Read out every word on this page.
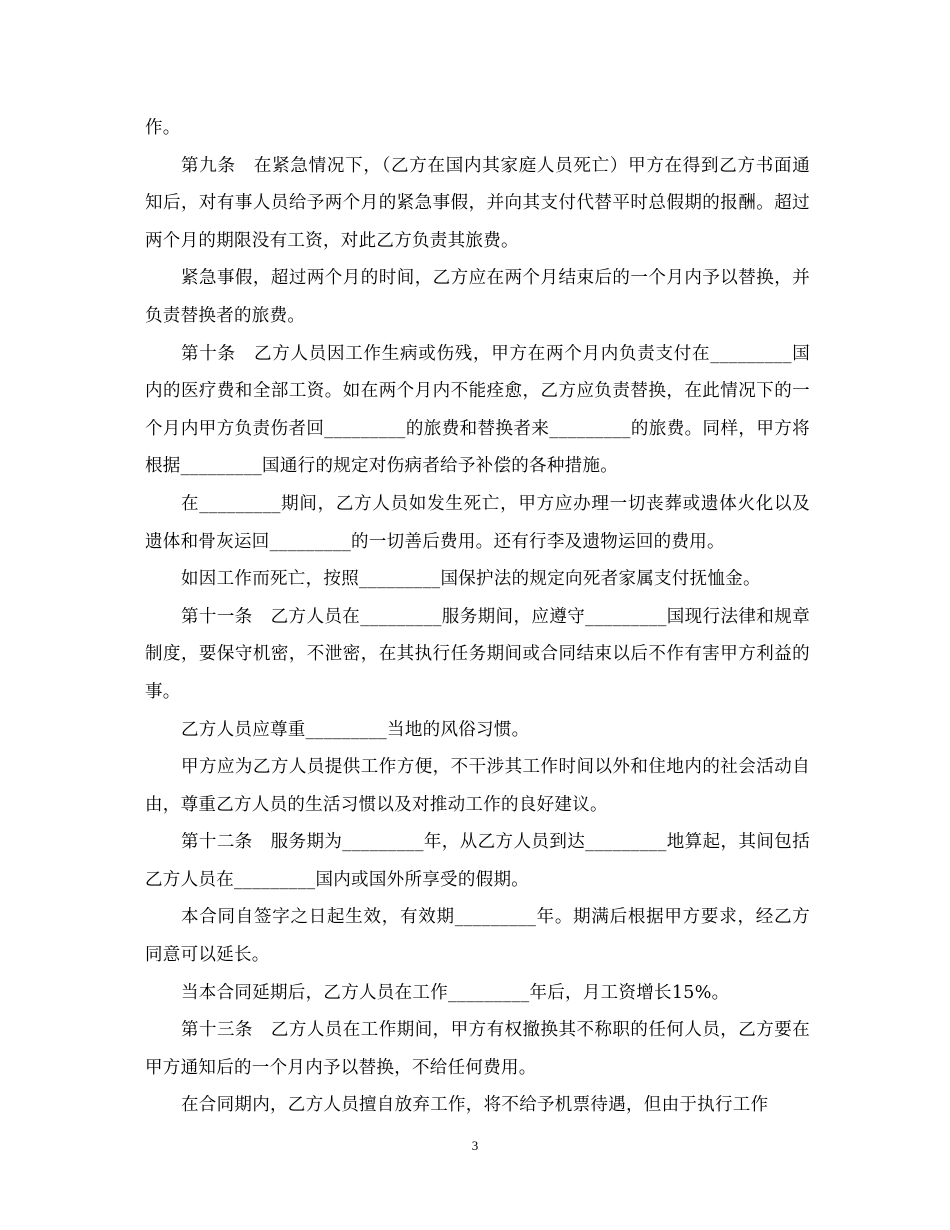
作。

第九条　在紧急情况下，（乙方在国内其家庭人员死亡）甲方在得到乙方书面通知后，对有事人员给予两个月的紧急事假，并向其支付代替平时总假期的报酬。超过两个月的期限没有工资，对此乙方负责其旅费。

紧急事假，超过两个月的时间，乙方应在两个月结束后的一个月内予以替换，并负责替换者的旅费。

第十条　乙方人员因工作生病或伤残，甲方在两个月内负责支付在_________国内的医疗费和全部工资。如在两个月内不能痊愈，乙方应负责替换，在此情况下的一个月内甲方负责伤者回_________的旅费和替换者来_________的旅费。同样，甲方将根据_________国通行的规定对伤病者给予补偿的各种措施。

在_________期间，乙方人员如发生死亡，甲方应办理一切丧葬或遗体火化以及遗体和骨灰运回_________的一切善后费用。还有行李及遗物运回的费用。

如因工作而死亡，按照_________国保护法的规定向死者家属支付抚恤金。

第十一条　乙方人员在_________服务期间，应遵守_________国现行法律和规章制度，要保守机密，不泄密，在其执行任务期间或合同结束以后不作有害甲方利益的事。

乙方人员应尊重_________当地的风俗习惯。

甲方应为乙方人员提供工作方便，不干涉其工作时间以外和住地内的社会活动自由，尊重乙方人员的生活习惯以及对推动工作的良好建议。

第十二条　服务期为_________年，从乙方人员到达_________地算起，其间包括乙方人员在_________国内或国外所享受的假期。

本合同自签字之日起生效，有效期_________年。期满后根据甲方要求，经乙方同意可以延长。

当本合同延期后，乙方人员在工作_________年后，月工资增长15%。

第十三条　乙方人员在工作期间，甲方有权撤换其不称职的任何人员，乙方要在甲方通知后的一个月内予以替换，不给任何费用。

在合同期内，乙方人员擅自放弃工作，将不给予机票待遇，但由于执行工作

3
